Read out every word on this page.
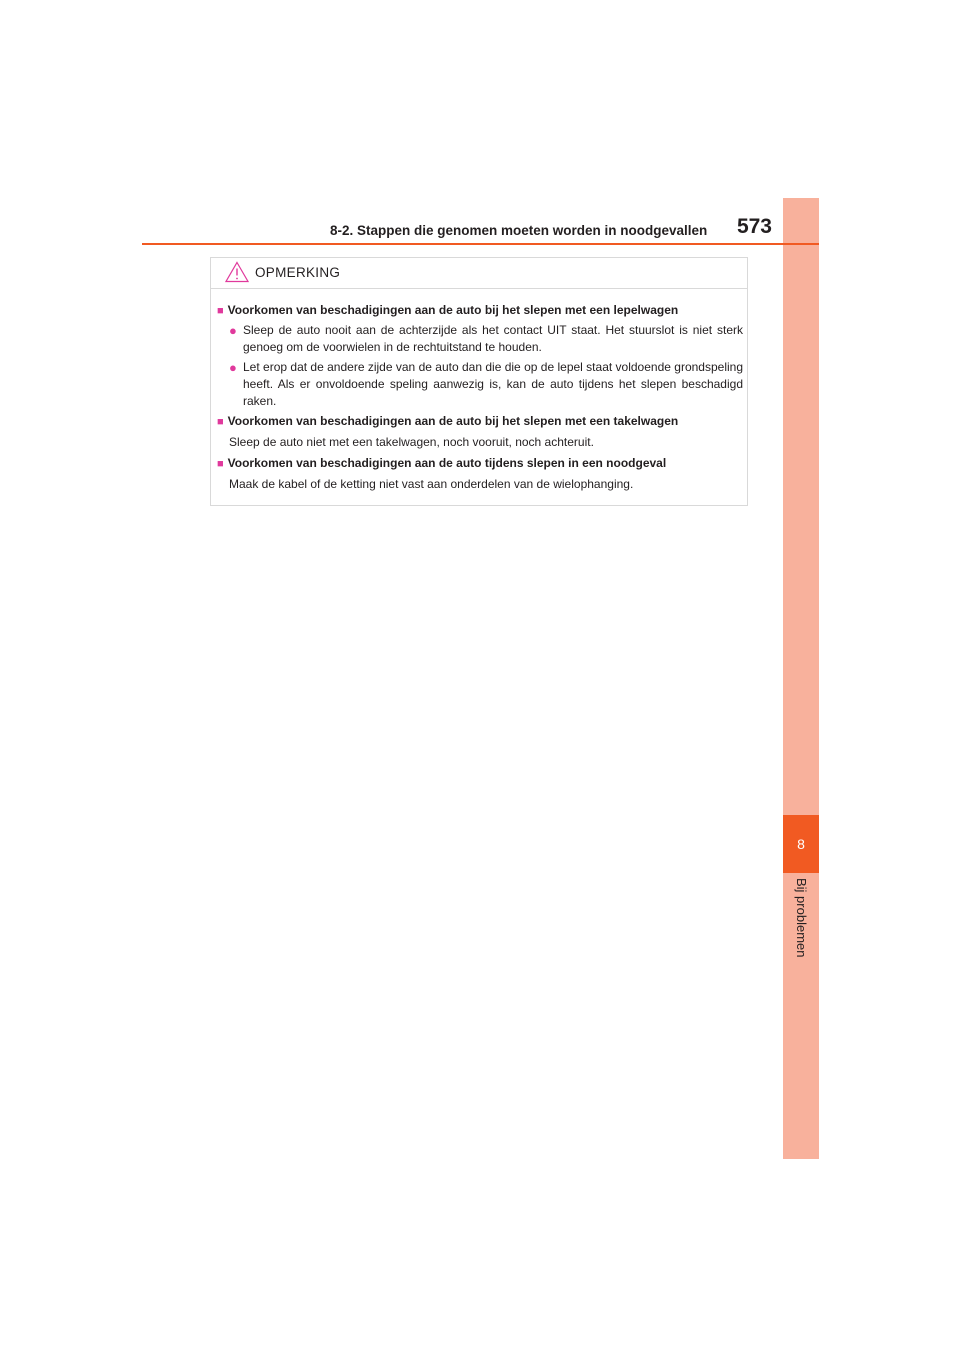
8
Bij problemen
8-2. Stappen die genomen moeten worden in noodgevallen	573
OPMERKING
■ Voorkomen van beschadigingen aan de auto bij het slepen met een lepelwagen
● Sleep de auto nooit aan de achterzijde als het contact UIT staat. Het stuurslot is niet sterk genoeg om de voorwielen in de rechtuitstand te houden.
● Let erop dat de andere zijde van de auto dan die die op de lepel staat voldoende grondspeling heeft. Als er onvoldoende speling aanwezig is, kan de auto tijdens het slepen beschadigd raken.
■ Voorkomen van beschadigingen aan de auto bij het slepen met een takelwagen
Sleep de auto niet met een takelwagen, noch vooruit, noch achteruit.
■ Voorkomen van beschadigingen aan de auto tijdens slepen in een noodgeval
Maak de kabel of de ketting niet vast aan onderdelen van de wielophanging.
